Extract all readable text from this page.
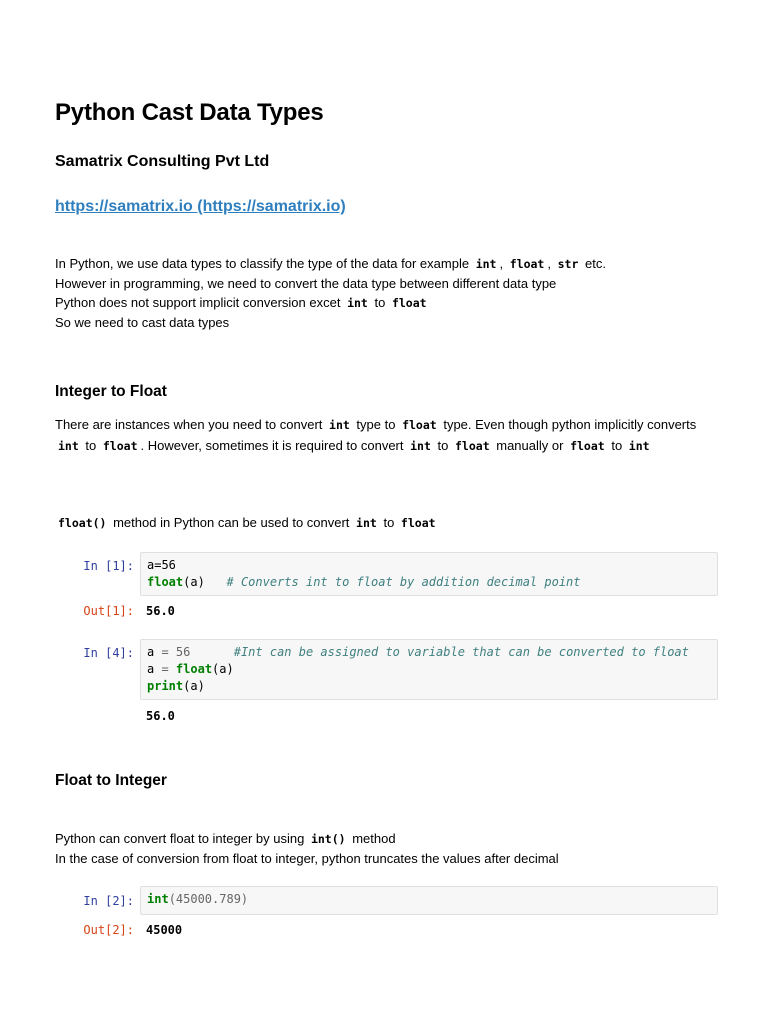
Python Cast Data Types
Samatrix Consulting Pvt Ltd
https://samatrix.io (https://samatrix.io)
In Python, we use data types to classify the type of the data for example int , float , str etc.
However in programming, we need to convert the data type between different data type
Python does not support implicit conversion excet int to float
So we need to cast data types
Integer to Float
There are instances when you need to convert int type to float type. Even though python implicitly converts int to float . However, sometimes it is required to convert int to float manually or float to int
float() method in Python can be used to convert int to float
In [1]: a=56
float(a) # Converts int to float by addition decimal point
Out[1]: 56.0
In [4]: a = 56	#Int can be assigned to variable that can be converted to float
a = float(a)
print(a)
56.0
Float to Integer
Python can convert float to integer by using int() method
In the case of conversion from float to integer, python truncates the values after decimal
In [2]: int(45000.789)
Out[2]: 45000
